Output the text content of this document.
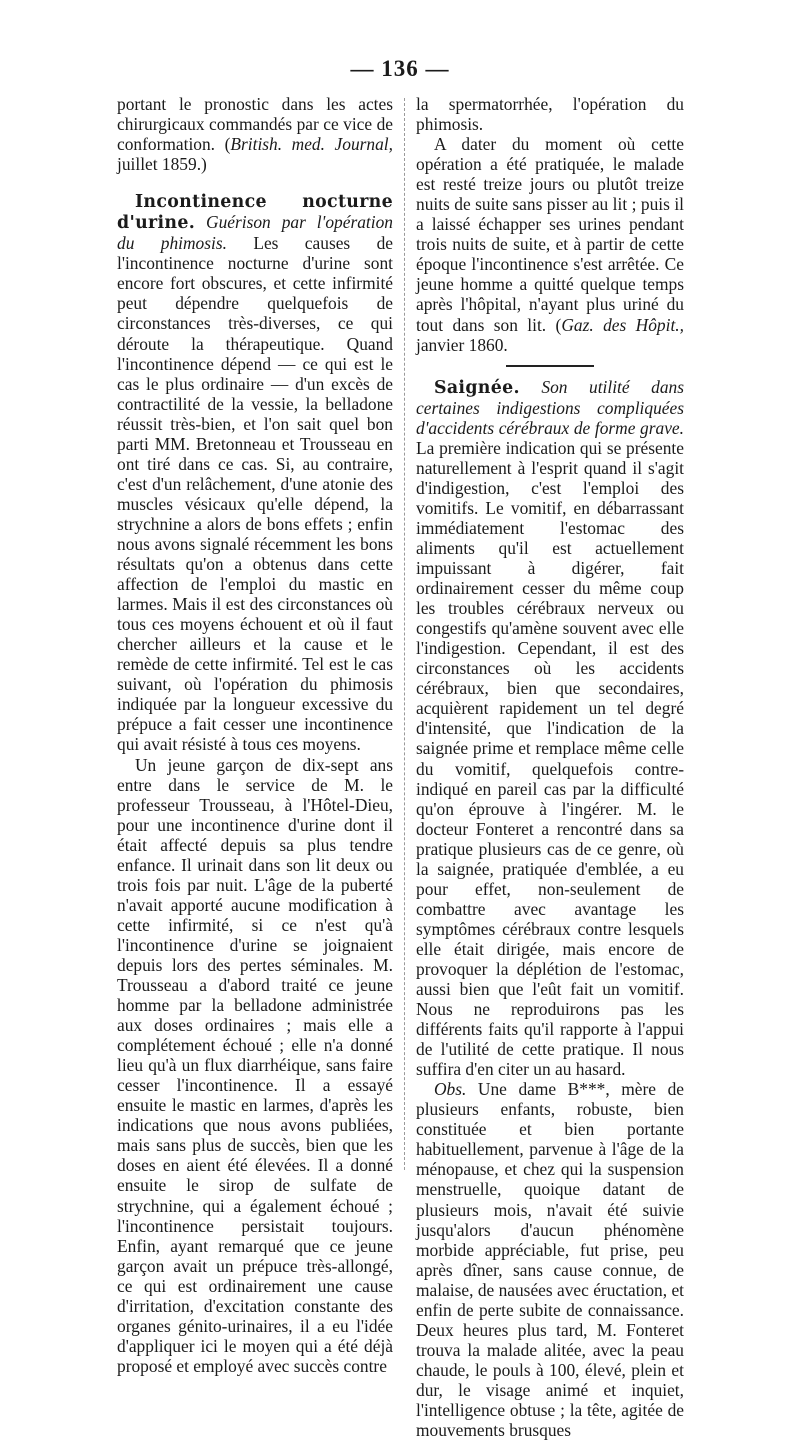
— 136 —

portant le pronostic dans les actes chirurgicaux commandés par ce vice de conformation. (British. med. Journal, juillet 1859.)

Incontinence nocturne d'urine. Guérison par l'opération du phimosis. Les causes de l'incontinence nocturne d'urine sont encore fort obscures, et cette infirmité peut dépendre quelquefois de circonstances très-diverses, ce qui déroute la thérapeutique. Quand l'incontinence dépend — ce qui est le cas le plus ordinaire — d'un excès de contractilité de la vessie, la belladone réussit très-bien, et l'on sait quel bon parti MM. Bretonneau et Trousseau en ont tiré dans ce cas. Si, au contraire, c'est d'un relâchement, d'une atonie des muscles vésicaux qu'elle dépend, la strychnine a alors de bons effets ; enfin nous avons signalé récemment les bons résultats qu'on a obtenus dans cette affection de l'emploi du mastic en larmes. Mais il est des circonstances où tous ces moyens échouent et où il faut chercher ailleurs et la cause et le remède de cette infirmité. Tel est le cas suivant, où l'opération du phimosis indiquée par la longueur excessive du prépuce a fait cesser une incontinence qui avait résisté à tous ces moyens.

Un jeune garçon de dix-sept ans entre dans le service de M. le professeur Trousseau, à l'Hôtel-Dieu, pour une incontinence d'urine dont il était affecté depuis sa plus tendre enfance. Il urinait dans son lit deux ou trois fois par nuit. L'âge de la puberté n'avait apporté aucune modification à cette infirmité, si ce n'est qu'à l'incontinence d'urine se joignaient depuis lors des pertes séminales. M. Trousseau a d'abord traité ce jeune homme par la belladone administrée aux doses ordinaires ; mais elle a complétement échoué ; elle n'a donné lieu qu'à un flux diarrhéique, sans faire cesser l'incontinence. Il a essayé ensuite le mastic en larmes, d'après les indications que nous avons publiées, mais sans plus de succès, bien que les doses en aient été élevées. Il a donné ensuite le sirop de sulfate de strychnine, qui a également échoué ; l'incontinence persistait toujours. Enfin, ayant remarqué que ce jeune garçon avait un prépuce très-allongé, ce qui est ordinairement une cause d'irritation, d'excitation constante des organes génito-urinaires, il a eu l'idée d'appliquer ici le moyen qui a été déjà proposé et employé avec succès contre

la spermatorrhée, l'opération du phimosis.

A dater du moment où cette opération a été pratiquée, le malade est resté treize jours ou plutôt treize nuits de suite sans pisser au lit ; puis il a laissé échapper ses urines pendant trois nuits de suite, et à partir de cette époque l'incontinence s'est arrêtée. Ce jeune homme a quitté quelque temps après l'hôpital, n'ayant plus uriné du tout dans son lit. (Gaz. des Hôpit., janvier 1860.

Saignée. Son utilité dans certaines indigestions compliquées d'accidents cérébraux de forme grave. La première indication qui se présente naturellement à l'esprit quand il s'agit d'indigestion, c'est l'emploi des vomitifs. Le vomitif, en débarrassant immédiatement l'estomac des aliments qu'il est actuellement impuissant à digérer, fait ordinairement cesser du même coup les troubles cérébraux nerveux ou congestifs qu'amène souvent avec elle l'indigestion. Cependant, il est des circonstances où les accidents cérébraux, bien que secondaires, acquièrent rapidement un tel degré d'intensité, que l'indication de la saignée prime et remplace même celle du vomitif, quelquefois contre-indiqué en pareil cas par la difficulté qu'on éprouve à l'ingérer. M. le docteur Fonteret a rencontré dans sa pratique plusieurs cas de ce genre, où la saignée, pratiquée d'emblée, a eu pour effet, non-seulement de combattre avec avantage les symptômes cérébraux contre lesquels elle était dirigée, mais encore de provoquer la déplétion de l'estomac, aussi bien que l'eût fait un vomitif. Nous ne reproduirons pas les différents faits qu'il rapporte à l'appui de l'utilité de cette pratique. Il nous suffira d'en citer un au hasard.

Obs. Une dame B***, mère de plusieurs enfants, robuste, bien constituée et bien portante habituellement, parvenue à l'âge de la ménopause, et chez qui la suspension menstruelle, quoique datant de plusieurs mois, n'avait été suivie jusqu'alors d'aucun phénomène morbide appréciable, fut prise, peu après dîner, sans cause connue, de malaise, de nausées avec éructation, et enfin de perte subite de connaissance. Deux heures plus tard, M. Fonteret trouva la malade alitée, avec la peau chaude, le pouls à 100, élevé, plein et dur, le visage animé et inquiet, l'intelligence obtuse ; la tête, agitée de mouvements brusques
